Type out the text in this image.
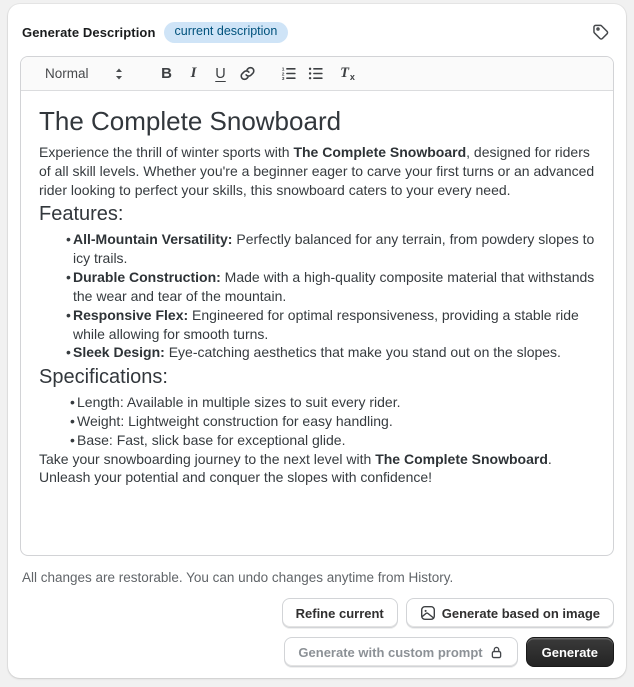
Generate Description	current description
Normal	B	I	U	1
2
3	$T_x$
The Complete Snowboard

Experience the thrill of winter sports with The Complete Snowboard, designed for riders of all skill levels. Whether you're a beginner eager to carve your first turns or an advanced rider looking to perfect your skills, this snowboard caters to your every need.

Features:
• All-Mountain Versatility: Perfectly balanced for any terrain, from powdery slopes to icy trails.
• Durable Construction: Made with a high-quality composite material that withstands the wear and tear of the mountain.
• Responsive Flex: Engineered for optimal responsiveness, providing a stable ride while allowing for smooth turns.
• Sleek Design: Eye-catching aesthetics that make you stand out on the slopes.
Specifications:
• Length: Available in multiple sizes to suit every rider.
• Weight: Lightweight construction for easy handling.
• Base: Fast, slick base for exceptional glide.

Take your snowboarding journey to the next level with The Complete Snowboard. Unleash your potential and conquer the slopes with confidence!

All changes are restorable. You can undo changes anytime from History.
Refine current	Generate based on image
Generate with custom prompt	Generate
